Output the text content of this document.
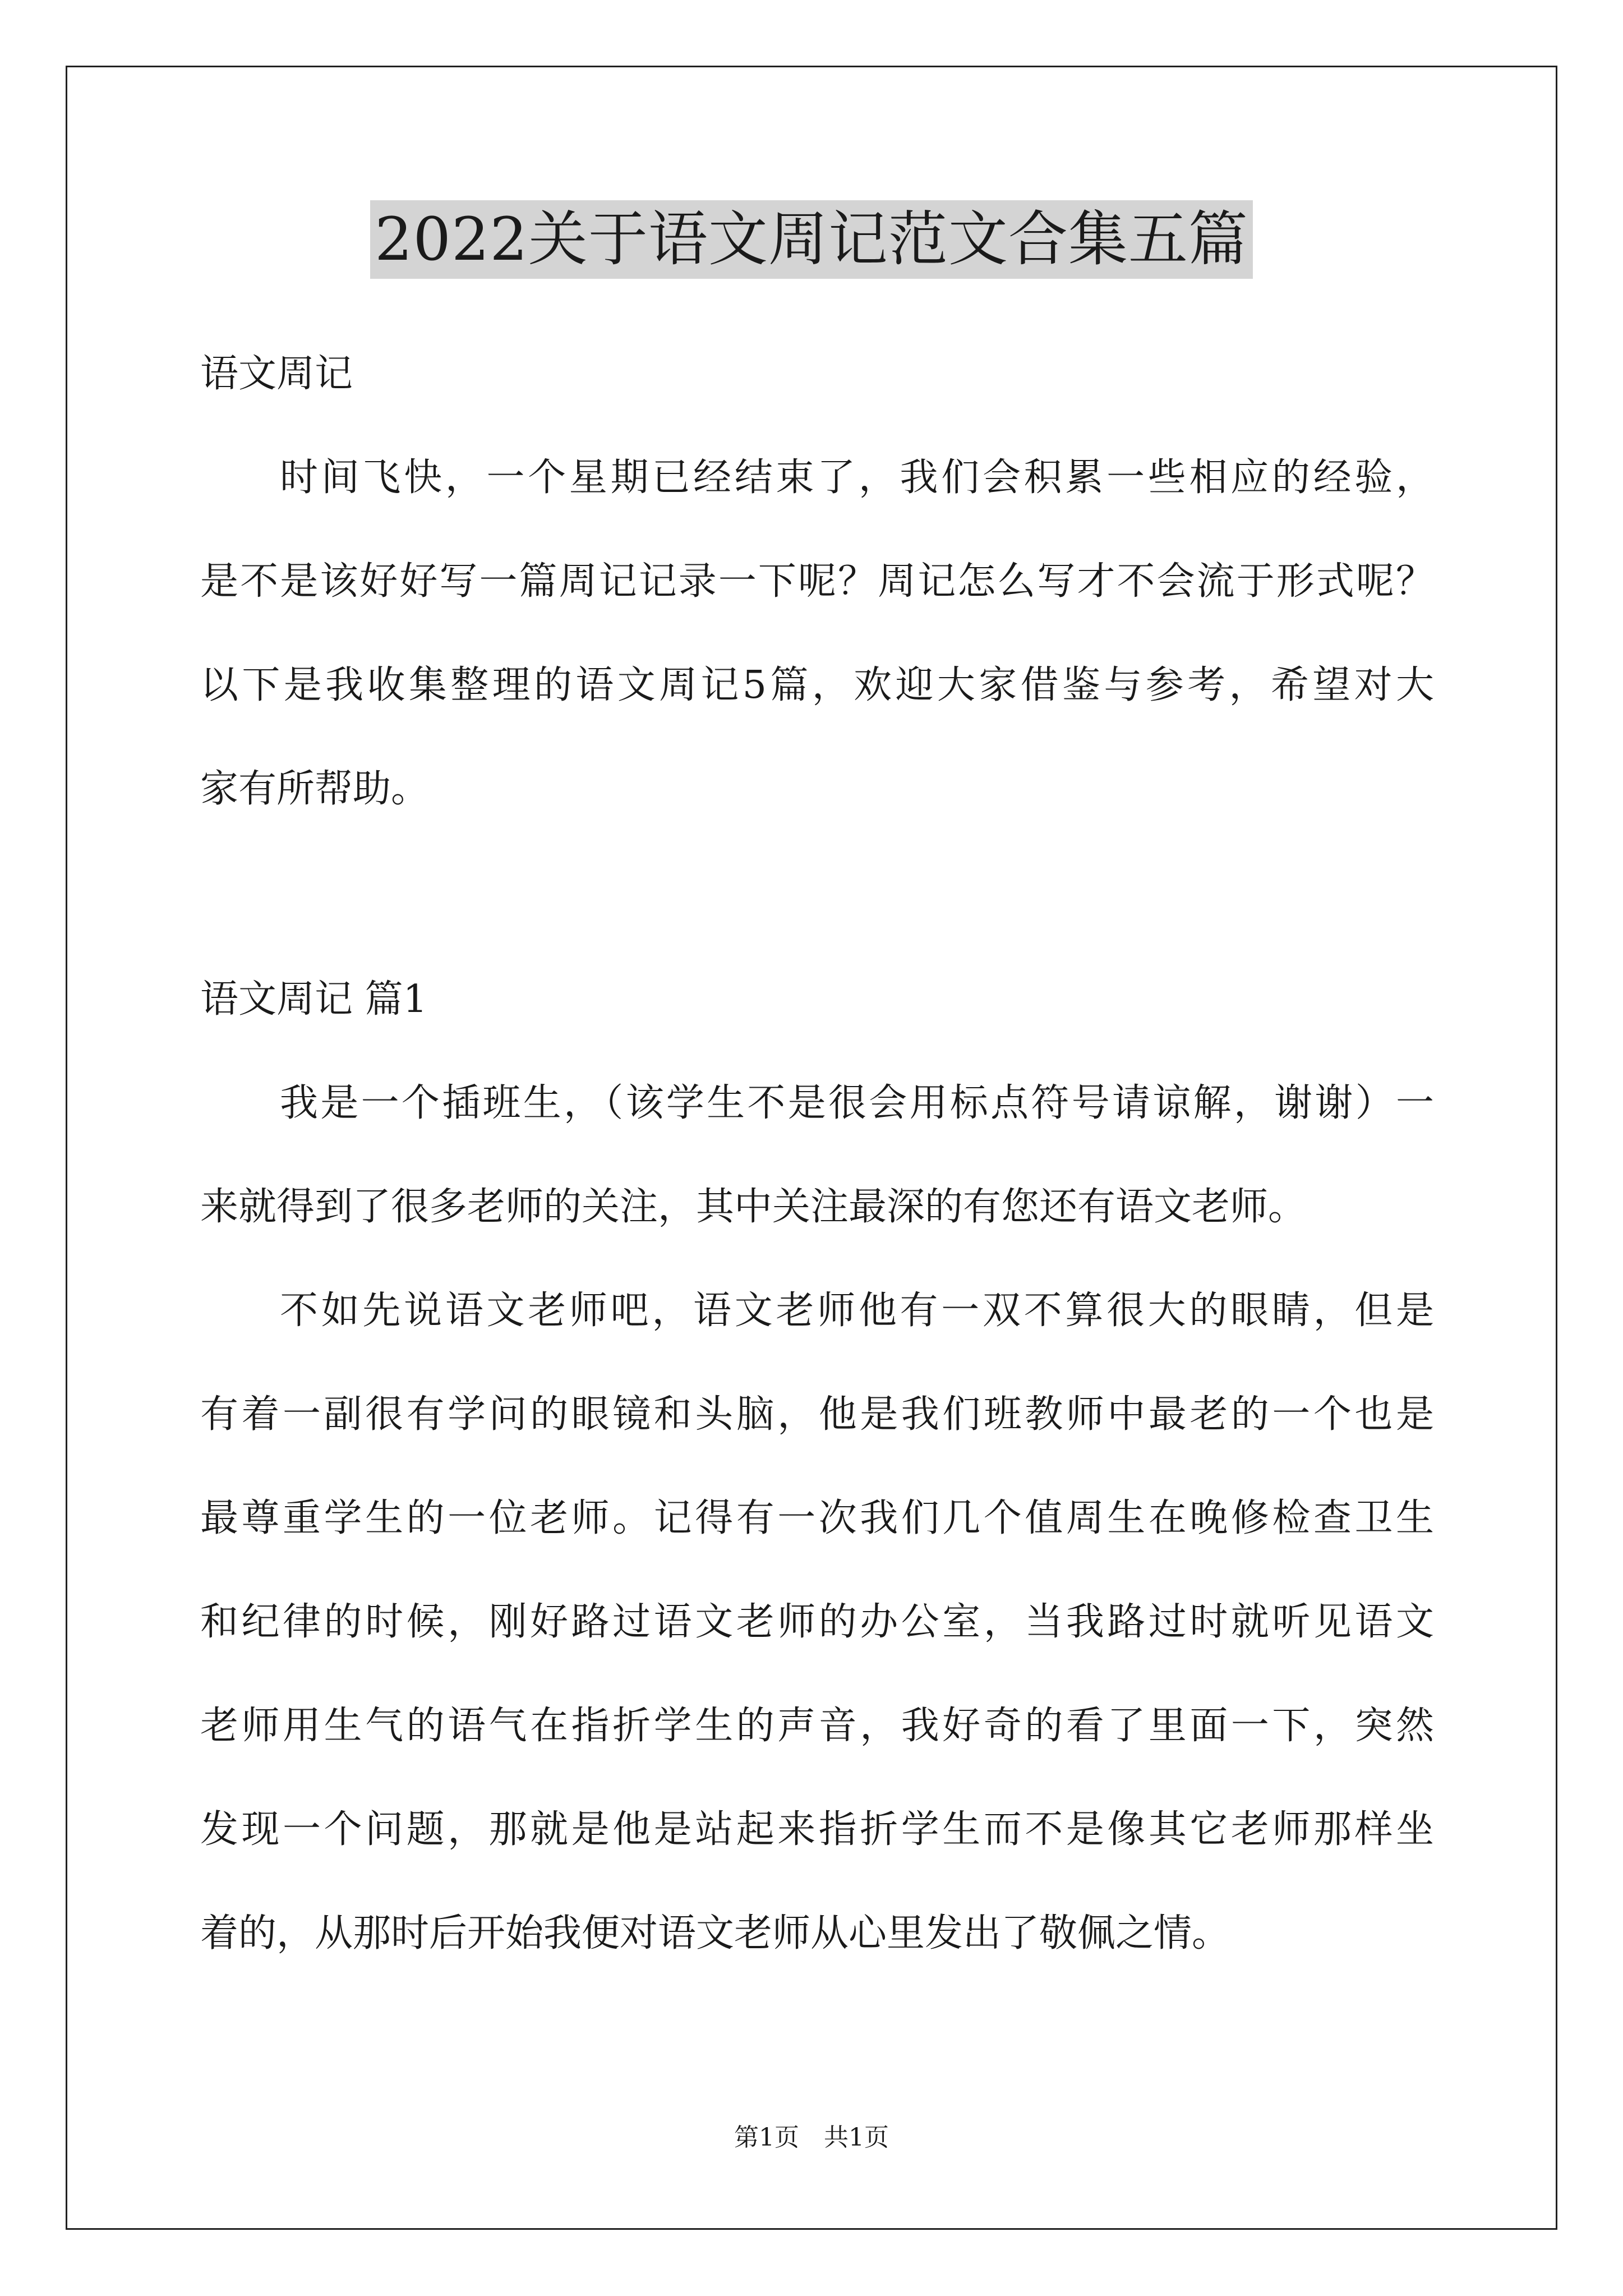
2022关于语文周记范文合集五篇

语文周记

时间飞快，一个星期已经结束了，我们会积累一些相应的经验，
是不是该好好写一篇周记记录一下呢？周记怎么写才不会流于形式呢？
以下是我收集整理的语文周记5篇，欢迎大家借鉴与参考，希望对大
家有所帮助。

语文周记 篇1

我是一个插班生，（该学生不是很会用标点符号请谅解，谢谢）一
来就得到了很多老师的关注，其中关注最深的有您还有语文老师。
不如先说语文老师吧，语文老师他有一双不算很大的眼睛，但是
有着一副很有学问的眼镜和头脑，他是我们班教师中最老的一个也是
最尊重学生的一位老师。记得有一次我们几个值周生在晚修检查卫生
和纪律的时候，刚好路过语文老师的办公室，当我路过时就听见语文
老师用生气的语气在指折学生的声音，我好奇的看了里面一下，突然
发现一个问题，那就是他是站起来指折学生而不是像其它老师那样坐
着的，从那时后开始我便对语文老师从心里发出了敬佩之情。
第1页　共1页
